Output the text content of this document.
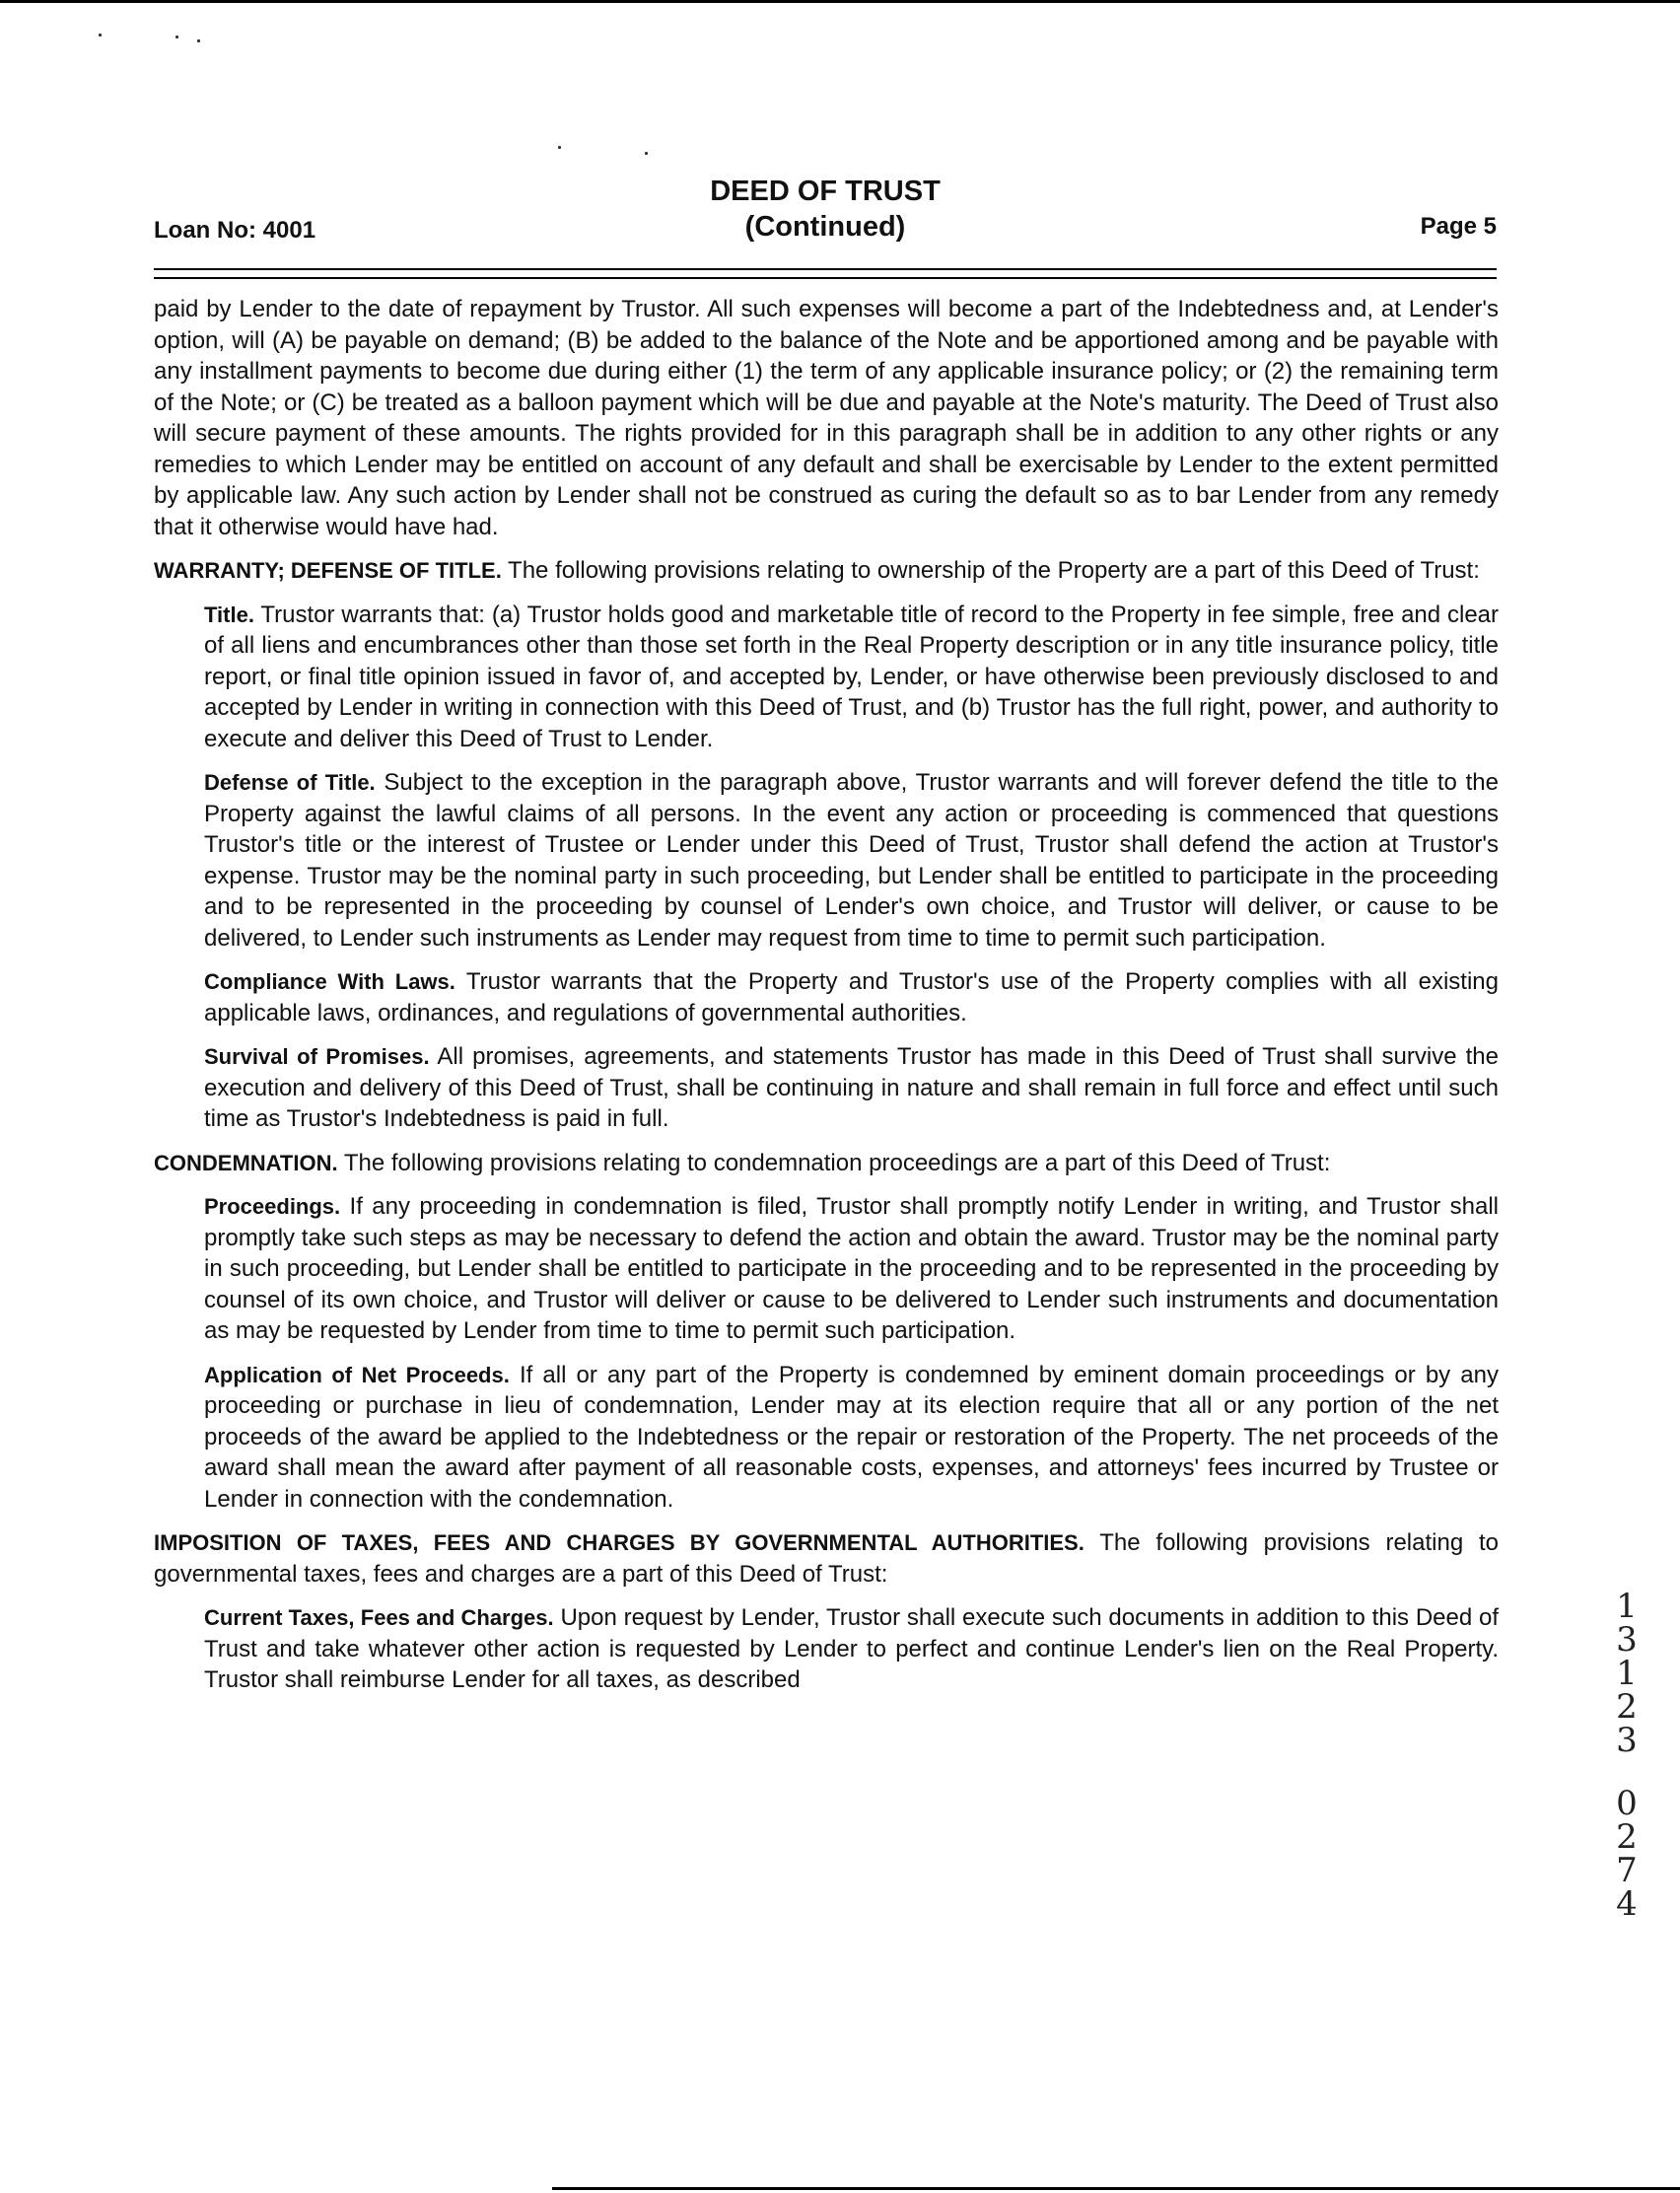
Loan No: 4001
DEED OF TRUST
(Continued)	Page 5

paid by Lender to the date of repayment by Trustor. All such expenses will become a part of the Indebtedness and, at Lender's option, will (A) be payable on demand; (B) be added to the balance of the Note and be apportioned among and be payable with any installment payments to become due during either (1) the term of any applicable insurance policy; or (2) the remaining term of the Note; or (C) be treated as a balloon payment which will be due and payable at the Note's maturity. The Deed of Trust also will secure payment of these amounts. The rights provided for in this paragraph shall be in addition to any other rights or any remedies to which Lender may be entitled on account of any default and shall be exercisable by Lender to the extent permitted by applicable law. Any such action by Lender shall not be construed as curing the default so as to bar Lender from any remedy that it otherwise would have had.

WARRANTY; DEFENSE OF TITLE. The following provisions relating to ownership of the Property are a part of this Deed of Trust:

Title. Trustor warrants that: (a) Trustor holds good and marketable title of record to the Property in fee simple, free and clear of all liens and encumbrances other than those set forth in the Real Property description or in any title insurance policy, title report, or final title opinion issued in favor of, and accepted by, Lender, or have otherwise been previously disclosed to and accepted by Lender in writing in connection with this Deed of Trust, and (b) Trustor has the full right, power, and authority to execute and deliver this Deed of Trust to Lender.

Defense of Title. Subject to the exception in the paragraph above, Trustor warrants and will forever defend the title to the Property against the lawful claims of all persons. In the event any action or proceeding is commenced that questions Trustor's title or the interest of Trustee or Lender under this Deed of Trust, Trustor shall defend the action at Trustor's expense. Trustor may be the nominal party in such proceeding, but Lender shall be entitled to participate in the proceeding and to be represented in the proceeding by counsel of Lender's own choice, and Trustor will deliver, or cause to be delivered, to Lender such instruments as Lender may request from time to time to permit such participation.

Compliance With Laws. Trustor warrants that the Property and Trustor's use of the Property complies with all existing applicable laws, ordinances, and regulations of governmental authorities.

Survival of Promises. All promises, agreements, and statements Trustor has made in this Deed of Trust shall survive the execution and delivery of this Deed of Trust, shall be continuing in nature and shall remain in full force and effect until such time as Trustor's Indebtedness is paid in full.

CONDEMNATION. The following provisions relating to condemnation proceedings are a part of this Deed of Trust:

Proceedings. If any proceeding in condemnation is filed, Trustor shall promptly notify Lender in writing, and Trustor shall promptly take such steps as may be necessary to defend the action and obtain the award. Trustor may be the nominal party in such proceeding, but Lender shall be entitled to participate in the proceeding and to be represented in the proceeding by counsel of its own choice, and Trustor will deliver or cause to be delivered to Lender such instruments and documentation as may be requested by Lender from time to time to permit such participation.

Application of Net Proceeds. If all or any part of the Property is condemned by eminent domain proceedings or by any proceeding or purchase in lieu of condemnation, Lender may at its election require that all or any portion of the net proceeds of the award be applied to the Indebtedness or the repair or restoration of the Property. The net proceeds of the award shall mean the award after payment of all reasonable costs, expenses, and attorneys' fees incurred by Trustee or Lender in connection with the condemnation.

IMPOSITION OF TAXES, FEES AND CHARGES BY GOVERNMENTAL AUTHORITIES. The following provisions relating to governmental taxes, fees and charges are a part of this Deed of Trust:

Current Taxes, Fees and Charges. Upon request by Lender, Trustor shall execute such documents in addition to this Deed of Trust and take whatever other action is requested by Lender to perfect and continue Lender's lien on the Real Property. Trustor shall reimburse Lender for all taxes, as described

1
3
1
2
3
0
2
7
4
